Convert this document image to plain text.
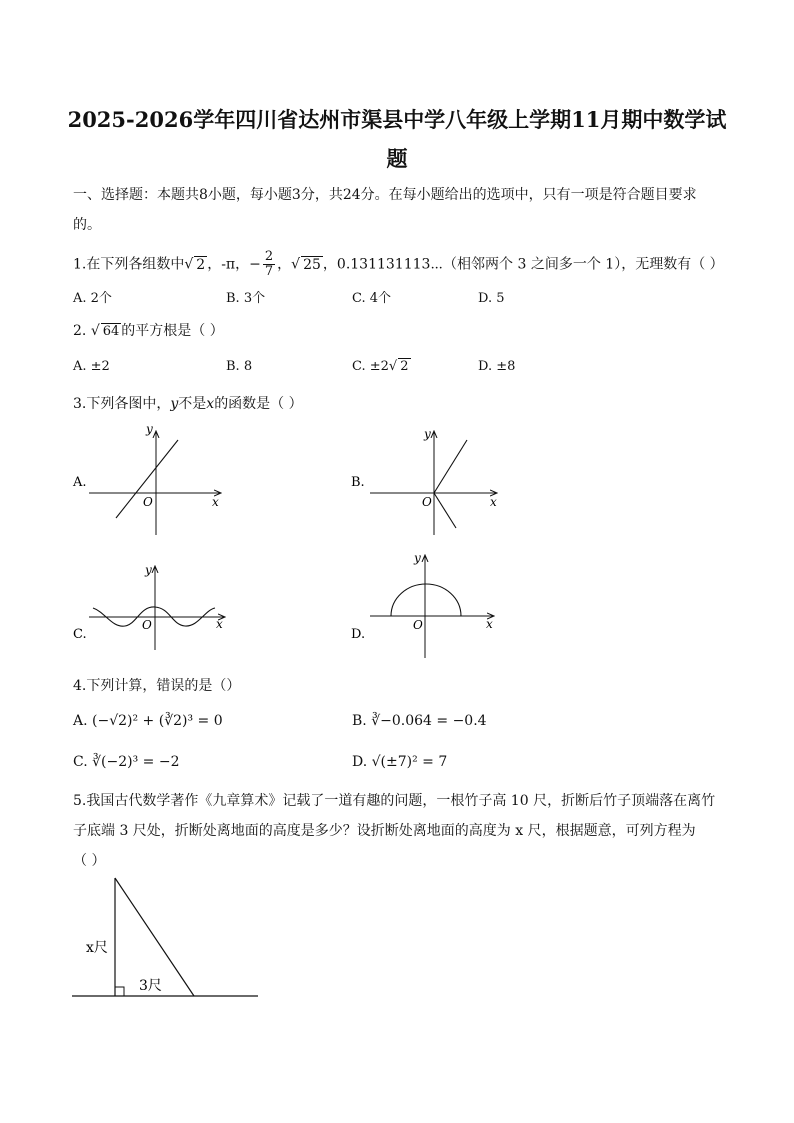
2025-2026学年四川省达州市渠县中学八年级上学期11月期中数学试
题
一、选择题：本题共8小题，每小题3分，共24分。在每小题给出的选项中，只有一项是符合题目要求
的。
1.在下列各组数中√ 2 ，-π，− $\frac{2}{7}$ ，√ 25 ，0.131131113⋯（相邻两个 3 之间多一个 1），无理数有（ ）
A. 2个	B. 3个	C. 4个	D. 5
2. √ 64 的平方根是（ ）
A. ±2	B. 8	C. ±2√ 2	D. ±8
3.下列各图中，y不是x的函数是（ ）
A.	B.
C.	D.
y
x
O
y
x
O
y
x
O
y
x
O
x尺
3尺
4.下列计算，错误的是（）
A. (−√2)² + (∛2)³ = 0	B. ∛−0.064 = −0.4
C. ∛(−2)³ = −2	D. √(±7)² = 7
5.我国古代数学著作《九章算术》记载了一道有趣的问题，一根竹子高 10 尺，折断后竹子顶端落在离竹
子底端 3 尺处，折断处离地面的高度是多少？设折断处离地面的高度为 x 尺，根据题意，可列方程为
（ ）
